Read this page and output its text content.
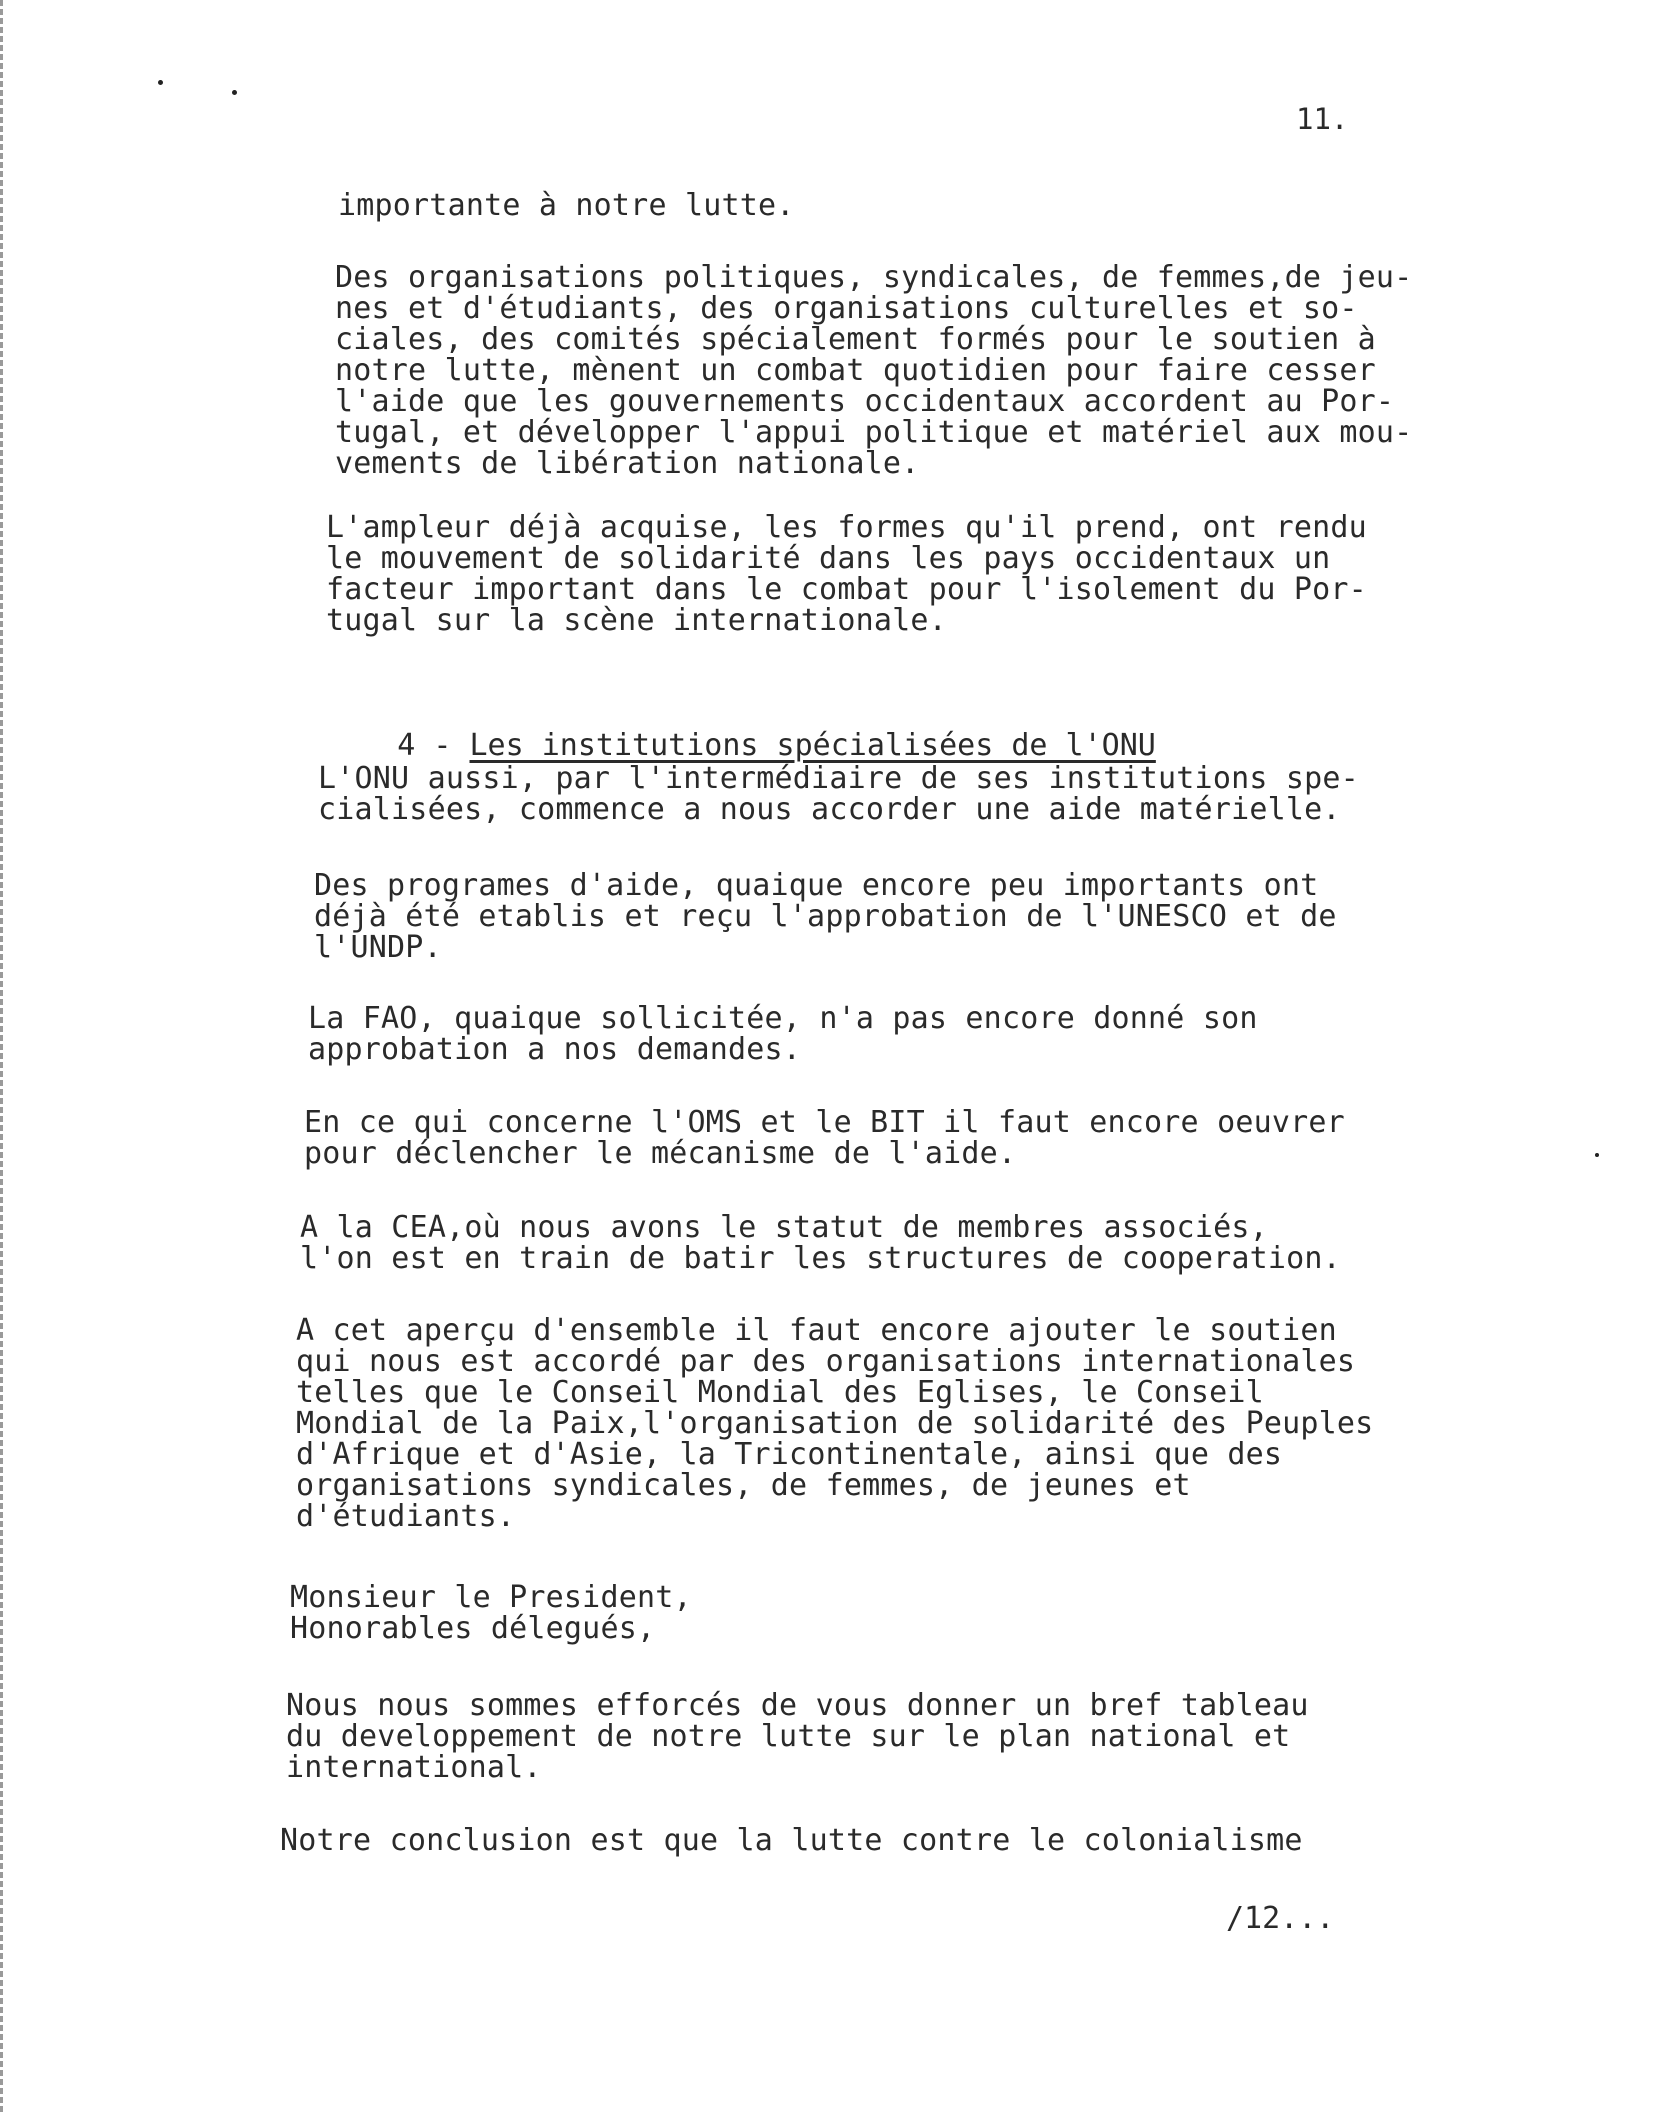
11.

importante à notre lutte.

Des organisations politiques, syndicales, de femmes,de jeu-
nes et d'étudiants, des organisations culturelles et so-
ciales, des comités spécialement formés pour le soutien à
notre lutte, mènent un combat quotidien pour faire cesser
l'aide que les gouvernements occidentaux accordent au Por-
tugal, et développer l'appui politique et matériel aux mou-
vements de libération nationale.

L'ampleur déjà acquise, les formes qu'il prend, ont rendu
le mouvement de solidarité dans les pays occidentaux un
facteur important dans le combat pour l'isolement du Por-
tugal sur la scène internationale.

4 - Les institutions spécialisées de l'ONU

L'ONU aussi, par l'intermédiaire de ses institutions spe-
cialisées, commence a nous accorder une aide matérielle.

Des programes d'aide, quaique encore peu importants ont
déjà été etablis et reçu l'approbation de l'UNESCO et de
l'UNDP.

La FAO, quaique sollicitée, n'a pas encore donné son
approbation a nos demandes.

En ce qui concerne l'OMS et le BIT il faut encore oeuvrer
pour déclencher le mécanisme de l'aide.

A la CEA,où nous avons le statut de membres associés,
l'on est en train de batir les structures de cooperation.

A cet aperçu d'ensemble il faut encore ajouter le soutien
qui nous est accordé par des organisations internationales
telles que le Conseil Mondial des Eglises, le Conseil
Mondial de la Paix,l'organisation de solidarité des Peuples
d'Afrique et d'Asie, la Tricontinentale, ainsi que des
organisations syndicales, de femmes, de jeunes et
d'étudiants.

Monsieur le President,
Honorables délegués,

Nous nous sommes efforcés de vous donner un bref tableau
du developpement de notre lutte sur le plan national et
international.

Notre conclusion est que la lutte contre le colonialisme

/12...
